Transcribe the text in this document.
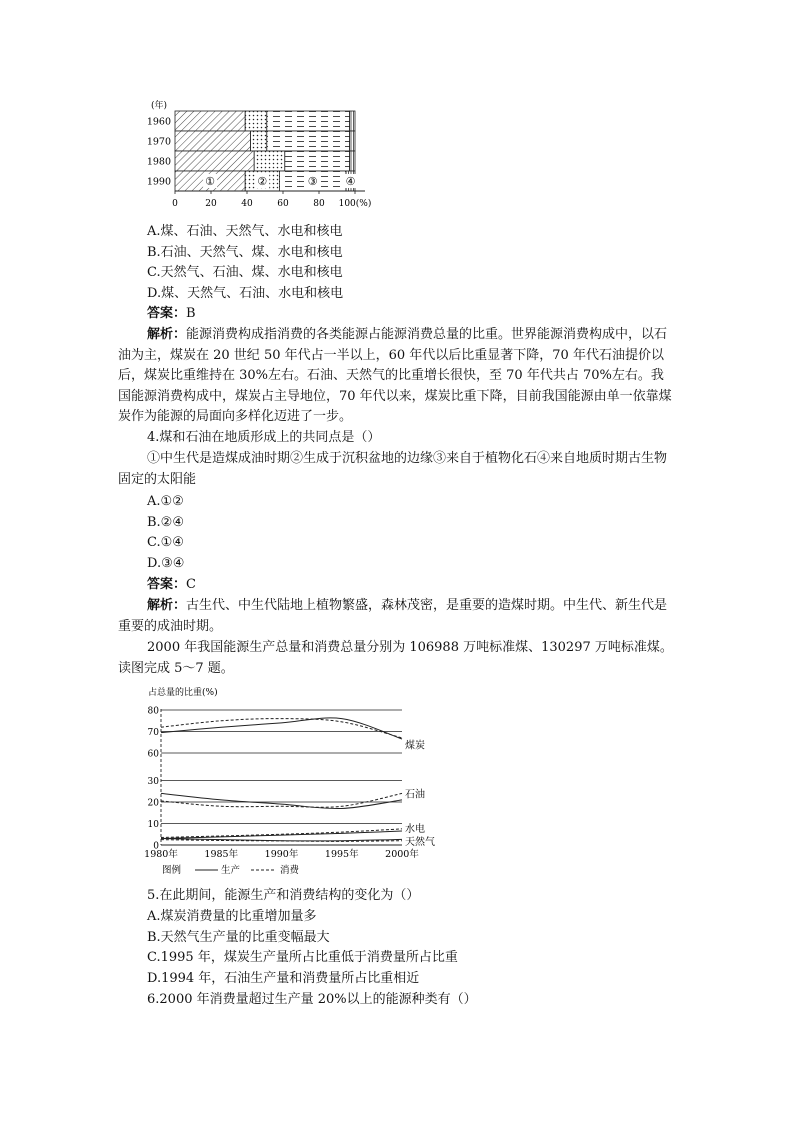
(年)
1960
1970
1980
1990	①	②	③	④
0	20	40	60	80 100(%)
A.煤、石油、天然气、水电和核电
B.石油、天然气、煤、水电和核电
C.天然气、石油、煤、水电和核电
D.煤、天然气、石油、水电和核电
答案：B
解析：能源消费构成指消费的各类能源占能源消费总量的比重。世界能源消费构成中，以石油为主，煤炭在 20 世纪 50 年代占一半以上，60 年代以后比重显著下降，70 年代石油提价以后，煤炭比重维持在 30%左右。石油、天然气的比重增长很快，至 70 年代共占 70%左右。我国能源消费构成中，煤炭占主导地位，70 年代以来，煤炭比重下降，目前我国能源由单一依靠煤炭作为能源的局面向多样化迈进了一步。
4.煤和石油在地质形成上的共同点是（）
①中生代是造煤成油时期②生成于沉积盆地的边缘③来自于植物化石④来自地质时期古生物固定的太阳能
A.①②
B.②④
C.①④
D.③④
答案：C
解析：古生代、中生代陆地上植物繁盛，森林茂密，是重要的造煤时期。中生代、新生代是重要的成油时期。
2000 年我国能源生产总量和消费总量分别为 106988 万吨标准煤、130297 万吨标准煤。读图完成 5～7 题。
占总量的比重(%)
0
10
20
30
60
70
80
煤炭
石油
水电
天然气
1980年	1985年	1990年	1995年	2000年
图例	生产	消费
5.在此期间，能源生产和消费结构的变化为（）
A.煤炭消费量的比重增加量多
B.天然气生产量的比重变幅最大
C.1995 年，煤炭生产量所占比重低于消费量所占比重
D.1994 年，石油生产量和消费量所占比重相近
6.2000 年消费量超过生产量 20%以上的能源种类有（）
